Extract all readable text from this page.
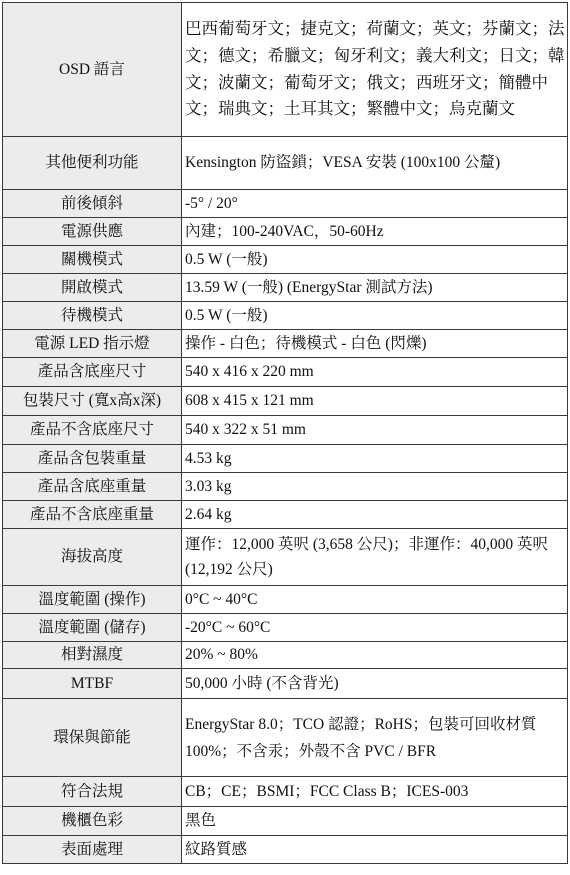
OSD 語言	巴西葡萄牙文；捷克文；荷蘭文；英文；芬蘭文；法文；德文；希臘文；匈牙利文；義大利文；日文；韓文；波蘭文；葡萄牙文；俄文；西班牙文；簡體中文；瑞典文；土耳其文；繁體中文；烏克蘭文
其他便利功能	Kensington 防盜鎖；VESA 安裝 (100x100 公釐)
前後傾斜	-5° / 20°
電源供應	內建；100-240VAC，50-60Hz
關機模式	0.5 W (一般)
開啟模式	13.59 W (一般) (EnergyStar 測試方法)
待機模式	0.5 W (一般)
電源 LED 指示燈	操作 - 白色；待機模式 - 白色 (閃爍)
產品含底座尺寸	540 x 416 x 220 mm
包裝尺寸 (寬x高x深)	608 x 415 x 121 mm
產品不含底座尺寸	540 x 322 x 51 mm
產品含包裝重量	4.53 kg
產品含底座重量	3.03 kg
產品不含底座重量	2.64 kg
海拔高度	運作：12,000 英呎 (3,658 公尺)；非運作：40,000 英呎 (12,192 公尺)
溫度範圍 (操作)	0°C ~ 40°C
溫度範圍 (儲存)	-20°C ~ 60°C
相對濕度	20% ~ 80%
MTBF	50,000 小時 (不含背光)
環保與節能	EnergyStar 8.0；TCO 認證；RoHS；包裝可回收材質 100%；不含汞；外殼不含 PVC / BFR
符合法規	CB；CE；BSMI；FCC Class B；ICES-003
機櫃色彩	黑色
表面處理	紋路質感
